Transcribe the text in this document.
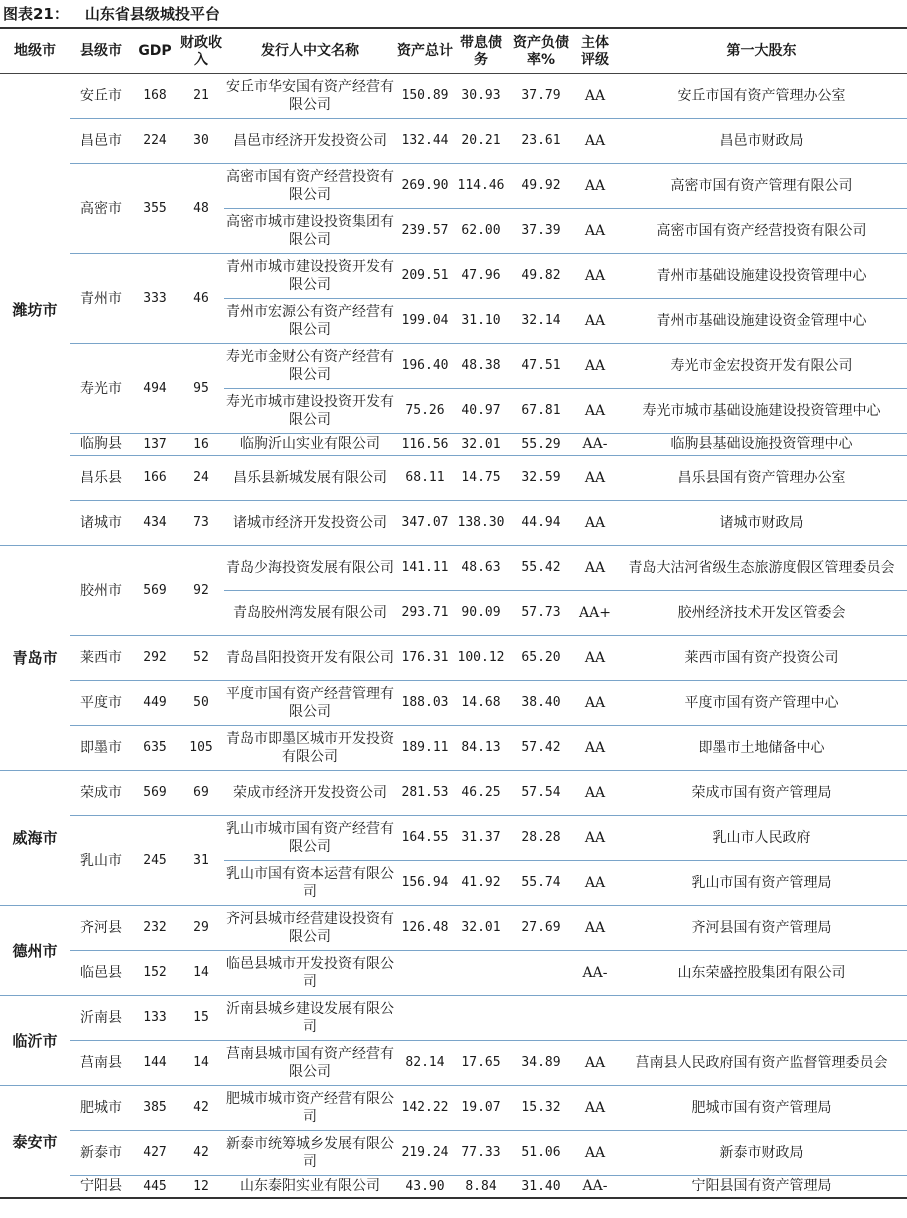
图表21： 山东省县级城投平台
地级市	县级市	GDP	财政收入	发行人中文名称	资产总计	带息债务	资产负债率%	主体评级	第一大股东
潍坊市	安丘市	168	21	安丘市华安国有资产经营有限公司	150.89	30.93	37.79	AA	安丘市国有资产管理办公室
	昌邑市	224	30	昌邑市经济开发投资公司	132.44	20.21	23.61	AA	昌邑市财政局
	高密市	355	48	高密市国有资产经营投资有限公司	269.90	114.46	49.92	AA	高密市国有资产管理有限公司
				高密市城市建设投资集团有限公司	239.57	62.00	37.39	AA	高密市国有资产经营投资有限公司
	青州市	333	46	青州市城市建设投资开发有限公司	209.51	47.96	49.82	AA	青州市基础设施建设投资管理中心
				青州市宏源公有资产经营有限公司	199.04	31.10	32.14	AA	青州市基础设施建设资金管理中心
	寿光市	494	95	寿光市金财公有资产经营有限公司	196.40	48.38	47.51	AA	寿光市金宏投资开发有限公司
				寿光市城市建设投资开发有限公司	75.26	40.97	67.81	AA	寿光市城市基础设施建设投资管理中心
	临朐县	137	16	临朐沂山实业有限公司	116.56	32.01	55.29	AA-	临朐县基础设施投资管理中心
	昌乐县	166	24	昌乐县新城发展有限公司	68.11	14.75	32.59	AA	昌乐县国有资产管理办公室
	诸城市	434	73	诸城市经济开发投资公司	347.07	138.30	44.94	AA	诸城市财政局
青岛市	胶州市	569	92	青岛少海投资发展有限公司	141.11	48.63	55.42	AA	青岛大沽河省级生态旅游度假区管理委员会
				青岛胶州湾发展有限公司	293.71	90.09	57.73	AA+	胶州经济技术开发区管委会
	莱西市	292	52	青岛昌阳投资开发有限公司	176.31	100.12	65.20	AA	莱西市国有资产投资公司
	平度市	449	50	平度市国有资产经营管理有限公司	188.03	14.68	38.40	AA	平度市国有资产管理中心
	即墨市	635	105	青岛市即墨区城市开发投资有限公司	189.11	84.13	57.42	AA	即墨市土地储备中心
威海市	荣成市	569	69	荣成市经济开发投资公司	281.53	46.25	57.54	AA	荣成市国有资产管理局
	乳山市	245	31	乳山市城市国有资产经营有限公司	164.55	31.37	28.28	AA	乳山市人民政府
				乳山市国有资本运营有限公司	156.94	41.92	55.74	AA	乳山市国有资产管理局
德州市	齐河县	232	29	齐河县城市经营建设投资有限公司	126.48	32.01	27.69	AA	齐河县国有资产管理局
	临邑县	152	14	临邑县城市开发投资有限公司				AA-	山东荣盛控股集团有限公司
临沂市	沂南县	133	15	沂南县城乡建设发展有限公司					
	莒南县	144	14	莒南县城市国有资产经营有限公司	82.14	17.65	34.89	AA	莒南县人民政府国有资产监督管理委员会
泰安市	肥城市	385	42	肥城市城市资产经营有限公司	142.22	19.07	15.32	AA	肥城市国有资产管理局
	新泰市	427	42	新泰市统筹城乡发展有限公司	219.24	77.33	51.06	AA	新泰市财政局
	宁阳县	445	12	山东泰阳实业有限公司	43.90	8.84	31.40	AA-	宁阳县国有资产管理局
